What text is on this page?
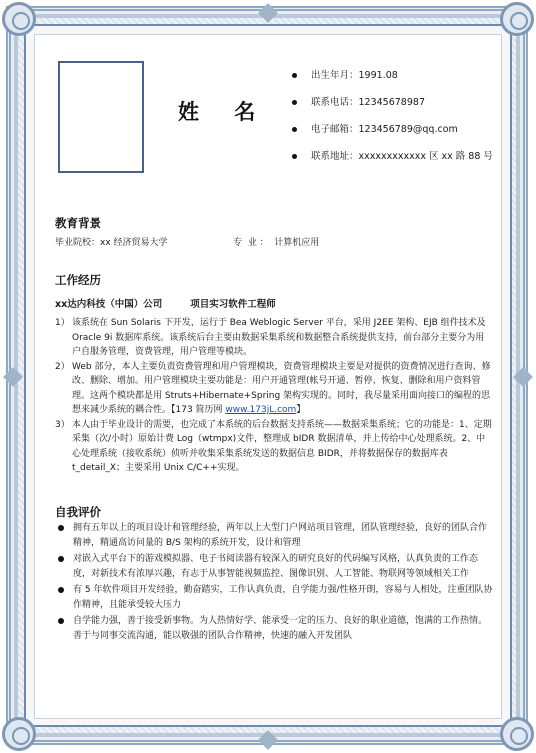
姓 名
出生年月：1991.08
联系电话：12345678987
电子邮箱：123456789@qq.com
联系地址：xxxxxxxxxxxx 区 xx 路 88 号
教育背景
毕业院校：xx 经济贸易大学	专  业 ：  计算机应用
工作经历
xx达内科技（中国）公司	项目实习软件工程师
1） 该系统在 Sun Solaris 下开发，运行于 Bea Weblogic Server 平台，采用 J2EE 架构、EJB 组件技术及 Oracle 9i 数据库系统。该系统后台主要由数据采集系统和数据整合系统提供支持，前台部分主要分为用户自服务管理，资费管理，用户管理等模块。
2） Web 部分，本人主要负责资费管理和用户管理模块，资费管理模块主要是对提供的资费情况进行查询、修改、删除、增加。用户管理模块主要功能是：用户开通管理(帐号开通、暂停、恢复、删除和用户资料管理。这两个模块都是用 Struts+Hibernate+Spring 架构实现的。同时，我尽量采用面向接口的编程的思想来减少系统的耦合性。【173 简历网 www.173jL.com】
3） 本人由于毕业设计的需要，也完成了本系统的后台数据支持系统——数据采集系统；它的功能是：1、定期采集（次/小时）原始计费 Log（wtmpx)文件，整理成 bIDR 数据清单，并上传给中心处理系统。2、中心处理系统（接收系统）侦听并收集采集系统发送的数据信息 BIDR，并将数据保存的数据库表 t_detail_X；主要采用 Unix C/C++实现。
自我评价
拥有五年以上的项目设计和管理经验，两年以上大型门户网站项目管理，团队管理经验，良好的团队合作精神，精通高访问量的 B/S 架构的系统开发，设计和管理
对嵌入式平台下的游戏模拟器、电子书阅读器有较深入的研究良好的代码编写风格，认真负责的工作态度，对新技术有浓厚兴趣，有志于从事智能视频监控、图像识别、人工智能、物联网等领域相关工作
有 5 年软件项目开发经验，勤奋踏实，工作认真负责，自学能力强/性格开朗，容易与人相处，注重团队协作精神，且能承受较大压力
自学能力强，善于接受新事物。为人热情好学、能承受一定的压力、良好的职业道德，饱满的工作热情。善于与同事交流沟通，能以敬强的团队合作精神，快速的融入开发团队
